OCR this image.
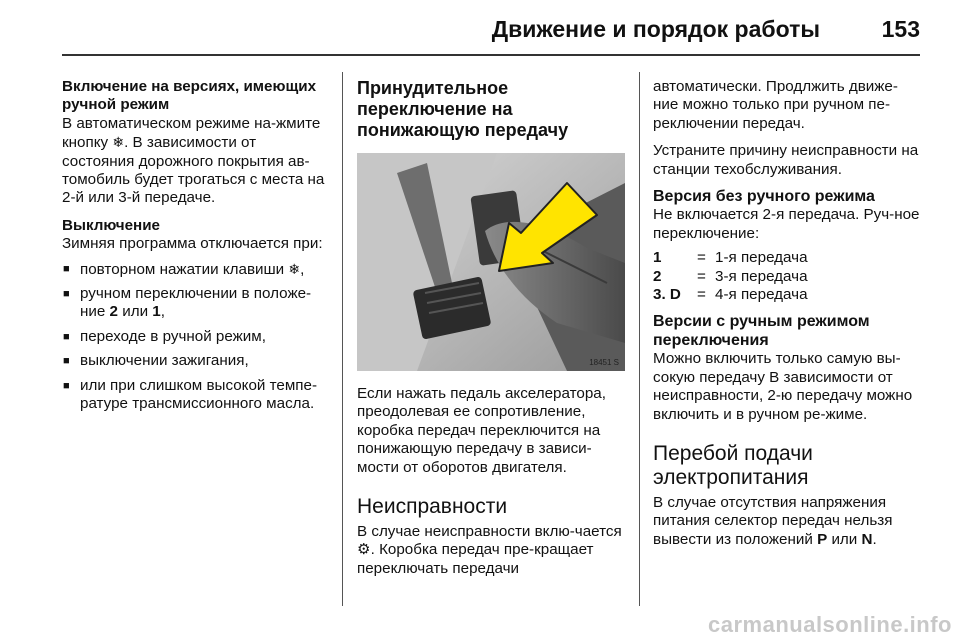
Движение и порядок работы	153

Включение на версиях, имеющих ручной режим

В автоматическом режиме на-жмите кнопку ❄. В зависимости от состояния дорожного покрытия ав-томобиль будет трогаться с места на 2-й или 3-й передаче.

Выключение

Зимняя программа отключается при:

■ повторном нажатии клавиши ❄,
■ ручном переключении в положе-ние 2 или 1,
■ переходе в ручной режим,
■ выключении зажигания,
■ или при слишком высокой темпе-ратуре трансмиссионного масла.

Принудительное переключение на понижающую передачу

18451 S

Если нажать педаль акселератора, преодолевая ее сопротивление, коробка передач переключится на понижающую передачу в зависи-мости от оборотов двигателя.

Неисправности

В случае неисправности вклю-чается ⚙. Коробка передач пре-кращает переключать передачи

автоматически. Продлжить движе-ние можно только при ручном пе-реключении передач.

Устраните причину неисправности на станции техобслуживания.

Версия без ручного режима

Не включается 2-я передача. Руч-ное переключение:

1	=	1-я передача
2	=	3-я передача
3. D	=	4-я передача

Версии с ручным режимом переключения

Можно включить только самую вы-сокую передачу В зависимости от неисправности, 2-ю передачу можно включить и в ручном ре-жиме.

Перебой подачи электропитания

В случае отсутствия напряжения питания селектор передач нельзя вывести из положений P или N.

carmanualsonline.info
